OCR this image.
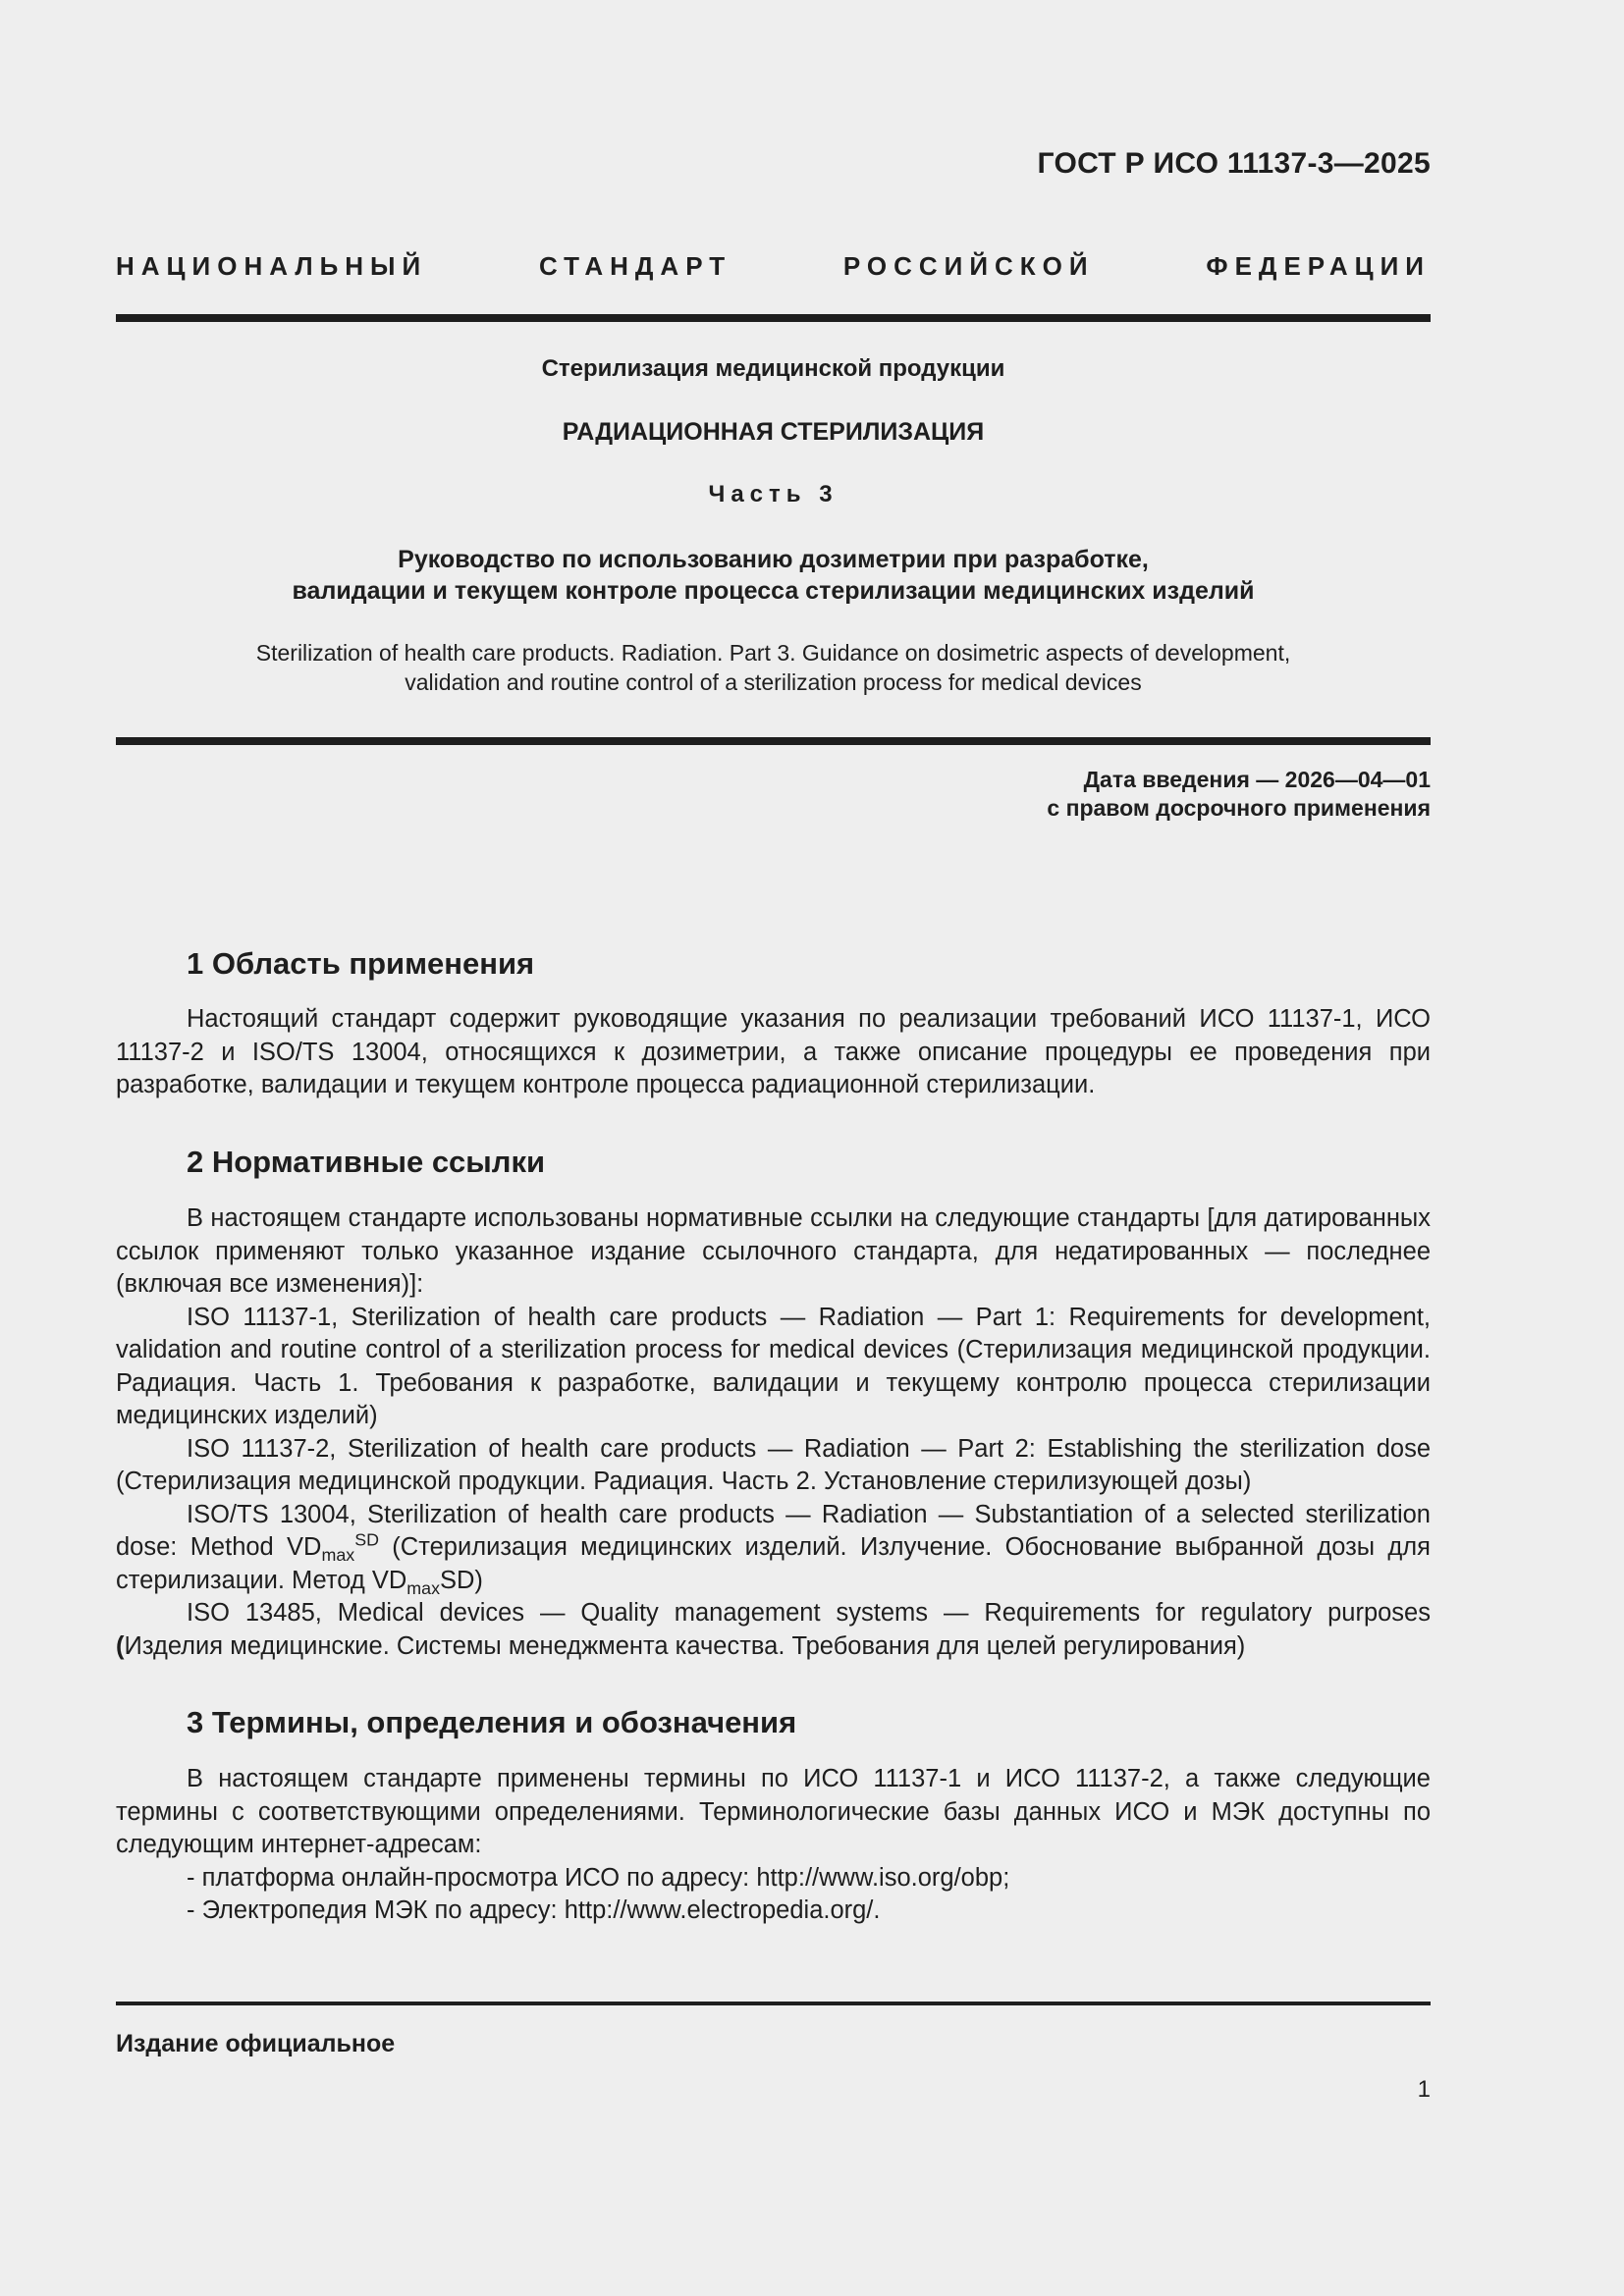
ГОСТ Р ИСО 11137-3—2025
НАЦИОНАЛЬНЫЙ СТАНДАРТ РОССИЙСКОЙ ФЕДЕРАЦИИ
Стерилизация медицинской продукции
РАДИАЦИОННАЯ СТЕРИЛИЗАЦИЯ
Часть 3
Руководство по использованию дозиметрии при разработке,
валидации и текущем контроле процесса стерилизации медицинских изделий
Sterilization of health care products. Radiation. Part 3. Guidance on dosimetric aspects of development,
validation and routine control of a sterilization process for medical devices
Дата введения — 2026—04—01
с правом досрочного применения
1 Область применения

Настоящий стандарт содержит руководящие указания по реализации требований ИСО 11137-1, ИСО 11137-2 и ISO/TS 13004, относящихся к дозиметрии, а также описание процедуры ее проведения при разработке, валидации и текущем контроле процесса радиационной стерилизации.

2 Нормативные ссылки

В настоящем стандарте использованы нормативные ссылки на следующие стандарты [для датированных ссылок применяют только указанное издание ссылочного стандарта, для недатированных — последнее (включая все изменения)]:

ISO 11137-1, Sterilization of health care products — Radiation — Part 1: Requirements for development, validation and routine control of a sterilization process for medical devices (Стерилизация медицинской продукции. Радиация. Часть 1. Требования к разработке, валидации и текущему контролю процесса стерилизации медицинских изделий)

ISO 11137-2, Sterilization of health care products — Radiation — Part 2: Establishing the sterilization dose (Стерилизация медицинской продукции. Радиация. Часть 2. Установление стерилизующей дозы)

ISO/TS 13004, Sterilization of health care products — Radiation — Substantiation of a selected sterilization dose: Method $VD_{max}^{SD}$ (Стерилизация медицинских изделий. Излучение. Обоснование выбранной дозы для стерилизации. Метод $VD_{max}SD$)

ISO 13485, Medical devices — Quality management systems — Requirements for regulatory purposes (Изделия медицинские. Системы менеджмента качества. Требования для целей регулирования)

3 Термины, определения и обозначения

В настоящем стандарте применены термины по ИСО 11137-1 и ИСО 11137-2, а также следующие термины с соответствующими определениями. Терминологические базы данных ИСО и МЭК доступны по следующим интернет-адресам:

- платформа онлайн-просмотра ИСО по адресу: http://www.iso.org/obp;

- Электропедия МЭК по адресу: http://www.electropedia.org/.

Издание официальное
1
